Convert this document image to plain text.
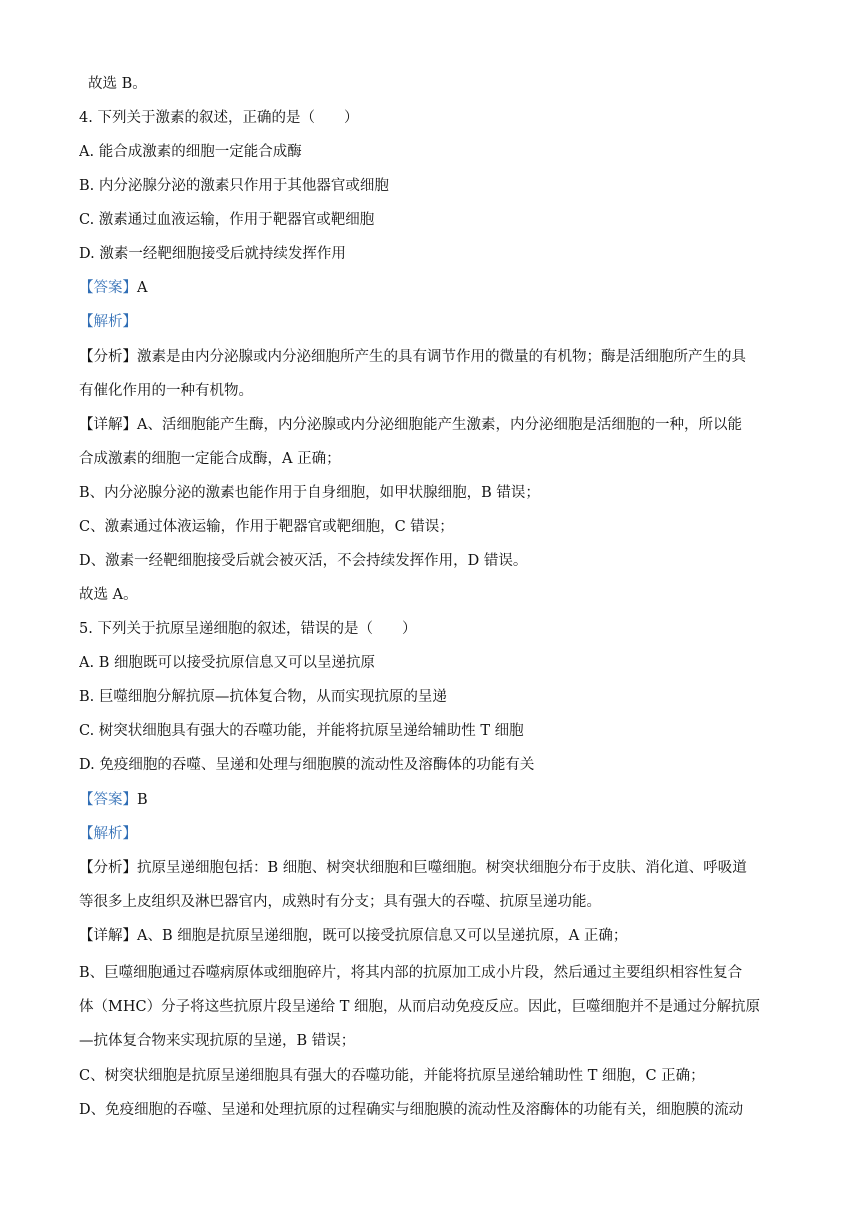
故选 B。
4. 下列关于激素的叙述，正确的是（　　）
A. 能合成激素的细胞一定能合成酶
B. 内分泌腺分泌的激素只作用于其他器官或细胞
C. 激素通过血液运输，作用于靶器官或靶细胞
D. 激素一经靶细胞接受后就持续发挥作用
【答案】A
【解析】
【分析】激素是由内分泌腺或内分泌细胞所产生的具有调节作用的微量的有机物；酶是活细胞所产生的具
有催化作用的一种有机物。
【详解】A、活细胞能产生酶，内分泌腺或内分泌细胞能产生激素，内分泌细胞是活细胞的一种，所以能
合成激素的细胞一定能合成酶，A 正确；
B、内分泌腺分泌的激素也能作用于自身细胞，如甲状腺细胞，B 错误；
C、激素通过体液运输，作用于靶器官或靶细胞，C 错误；
D、激素一经靶细胞接受后就会被灭活，不会持续发挥作用，D 错误。
故选 A。
5. 下列关于抗原呈递细胞的叙述，错误的是（　　）
A. B 细胞既可以接受抗原信息又可以呈递抗原
B. 巨噬细胞分解抗原—抗体复合物，从而实现抗原的呈递
C. 树突状细胞具有强大的吞噬功能，并能将抗原呈递给辅助性 T 细胞
D. 免疫细胞的吞噬、呈递和处理与细胞膜的流动性及溶酶体的功能有关
【答案】B
【解析】
【分析】抗原呈递细胞包括：B 细胞、树突状细胞和巨噬细胞。树突状细胞分布于皮肤、消化道、呼吸道
等很多上皮组织及淋巴器官内，成熟时有分支；具有强大的吞噬、抗原呈递功能。
【详解】A、B 细胞是抗原呈递细胞，既可以接受抗原信息又可以呈递抗原，A 正确；
B、巨噬细胞通过吞噬病原体或细胞碎片，将其内部的抗原加工成小片段，然后通过主要组织相容性复合
体（MHC）分子将这些抗原片段呈递给 T 细胞，从而启动免疫反应。因此，巨噬细胞并不是通过分解抗原
—抗体复合物来实现抗原的呈递，B 错误；
C、树突状细胞是抗原呈递细胞具有强大的吞噬功能，并能将抗原呈递给辅助性 T 细胞，C 正确；
D、免疫细胞的吞噬、呈递和处理抗原的过程确实与细胞膜的流动性及溶酶体的功能有关，细胞膜的流动
